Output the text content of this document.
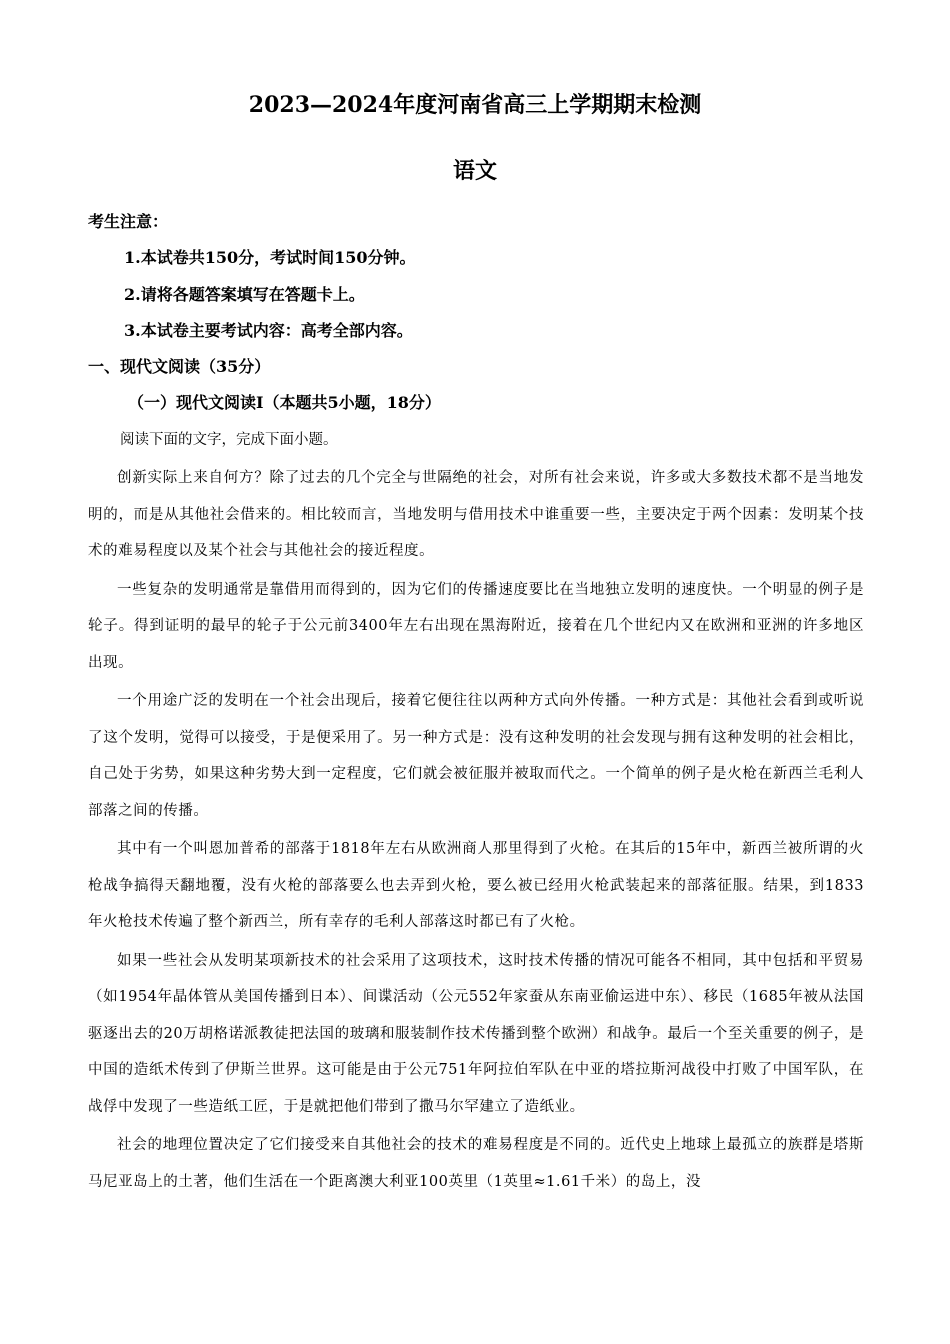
2023—2024年度河南省高三上学期期末检测
语文

考生注意：

1.本试卷共150分，考试时间150分钟。

2.请将各题答案填写在答题卡上。

3.本试卷主要考试内容：高考全部内容。

一、现代文阅读（35分）

（一）现代文阅读Ⅰ（本题共5小题，18分）

阅读下面的文字，完成下面小题。

创新实际上来自何方？除了过去的几个完全与世隔绝的社会，对所有社会来说，许多或大多数技术都不是当地发明的，而是从其他社会借来的。相比较而言，当地发明与借用技术中谁重要一些，主要决定于两个因素：发明某个技术的难易程度以及某个社会与其他社会的接近程度。

一些复杂的发明通常是靠借用而得到的，因为它们的传播速度要比在当地独立发明的速度快。一个明显的例子是轮子。得到证明的最早的轮子于公元前3400年左右出现在黑海附近，接着在几个世纪内又在欧洲和亚洲的许多地区出现。

一个用途广泛的发明在一个社会出现后，接着它便往往以两种方式向外传播。一种方式是：其他社会看到或听说了这个发明，觉得可以接受，于是便采用了。另一种方式是：没有这种发明的社会发现与拥有这种发明的社会相比，自己处于劣势，如果这种劣势大到一定程度，它们就会被征服并被取而代之。一个简单的例子是火枪在新西兰毛利人部落之间的传播。

其中有一个叫恩加普希的部落于1818年左右从欧洲商人那里得到了火枪。在其后的15年中，新西兰被所谓的火枪战争搞得天翻地覆，没有火枪的部落要么也去弄到火枪，要么被已经用火枪武装起来的部落征服。结果，到1833年火枪技术传遍了整个新西兰，所有幸存的毛利人部落这时都已有了火枪。

如果一些社会从发明某项新技术的社会采用了这项技术，这时技术传播的情况可能各不相同，其中包括和平贸易（如1954年晶体管从美国传播到日本）、间谍活动（公元552年家蚕从东南亚偷运进中东）、移民（1685年被从法国驱逐出去的20万胡格诺派教徒把法国的玻璃和服装制作技术传播到整个欧洲）和战争。最后一个至关重要的例子，是中国的造纸术传到了伊斯兰世界。这可能是由于公元751年阿拉伯军队在中亚的塔拉斯河战役中打败了中国军队，在战俘中发现了一些造纸工匠，于是就把他们带到了撒马尔罕建立了造纸业。

社会的地理位置决定了它们接受来自其他社会的技术的难易程度是不同的。近代史上地球上最孤立的族群是塔斯马尼亚岛上的土著，他们生活在一个距离澳大利亚100英里（1英里≈1.61千米）的岛上，没
